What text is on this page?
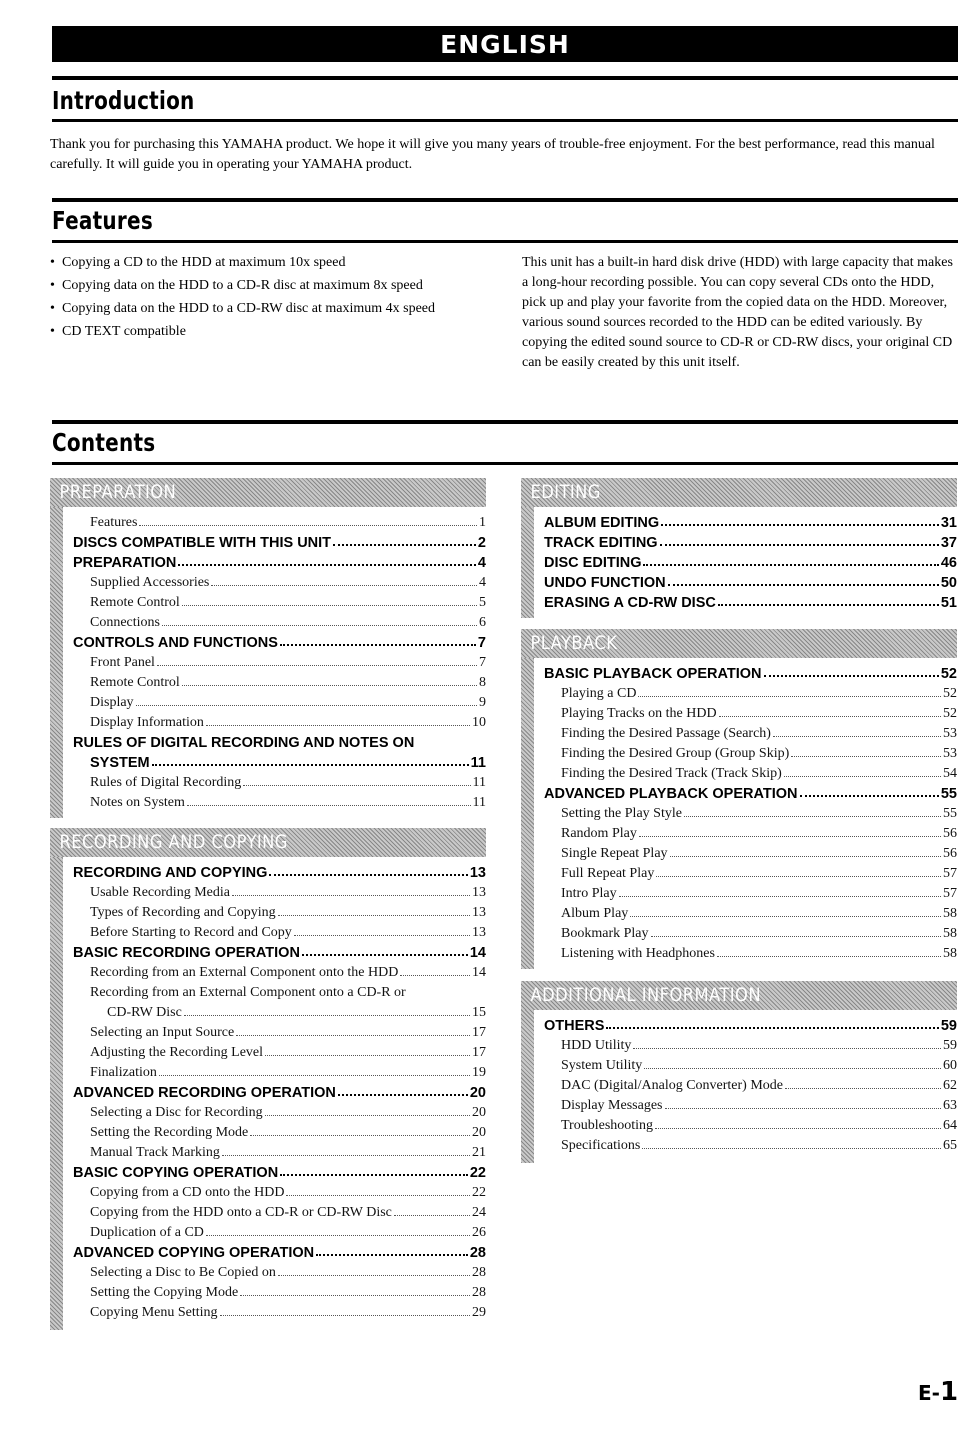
ENGLISH
Introduction
Thank you for purchasing this YAMAHA product. We hope it will give you many years of trouble-free enjoyment. For the best performance, read this manual carefully. It will guide you in operating your YAMAHA product.
Features
• Copying a CD to the HDD at maximum 10x speed
• Copying data on the HDD to a CD-R disc at maximum 8x speed
• Copying data on the HDD to a CD-RW disc at maximum 4x speed
• CD TEXT compatible
This unit has a built-in hard disk drive (HDD) with large capacity that makes a long-hour recording possible. You can copy several CDs onto the HDD, pick up and play your favorite from the copied data on the HDD. Moreover, various sound sources recorded to the HDD can be edited variously. By copying the edited sound source to CD-R or CD-RW discs, your original CD can be easily created by this unit itself.
Contents
PREPARATION
Features	1
DISCS COMPATIBLE WITH THIS UNIT	2
PREPARATION	4
Supplied Accessories	4
Remote Control	5
Connections	6
CONTROLS AND FUNCTIONS	7
Front Panel	7
Remote Control	8
Display	9
Display Information	10
RULES OF DIGITAL RECORDING AND NOTES ON
SYSTEM	11
Rules of Digital Recording	11
Notes on System	11
RECORDING AND COPYING
RECORDING AND COPYING	13
Usable Recording Media	13
Types of Recording and Copying	13
Before Starting to Record and Copy	13
BASIC RECORDING OPERATION	14
Recording from an External Component onto the HDD	14
Recording from an External Component onto a CD-R or
CD-RW Disc	15
Selecting an Input Source	17
Adjusting the Recording Level	17
Finalization	19
ADVANCED RECORDING OPERATION	20
Selecting a Disc for Recording	20
Setting the Recording Mode	20
Manual Track Marking	21
BASIC COPYING OPERATION	22
Copying from a CD onto the HDD	22
Copying from the HDD onto a CD-R or CD-RW Disc	24
Duplication of a CD	26
ADVANCED COPYING OPERATION	28
Selecting a Disc to Be Copied on	28
Setting the Copying Mode	28
Copying Menu Setting	29
EDITING
ALBUM EDITING	31
TRACK EDITING	37
DISC EDITING	46
UNDO FUNCTION	50
ERASING A CD-RW DISC	51
PLAYBACK
BASIC PLAYBACK OPERATION	52
Playing a CD	52
Playing Tracks on the HDD	52
Finding the Desired Passage (Search)	53
Finding the Desired Group (Group Skip)	53
Finding the Desired Track (Track Skip)	54
ADVANCED PLAYBACK OPERATION	55
Setting the Play Style	55
Random Play	56
Single Repeat Play	56
Full Repeat Play	57
Intro Play	57
Album Play	58
Bookmark Play	58
Listening with Headphones	58
ADDITIONAL INFORMATION
OTHERS	59
HDD Utility	59
System Utility	60
DAC (Digital/Analog Converter) Mode	62
Display Messages	63
Troubleshooting	64
Specifications	65
E-1
